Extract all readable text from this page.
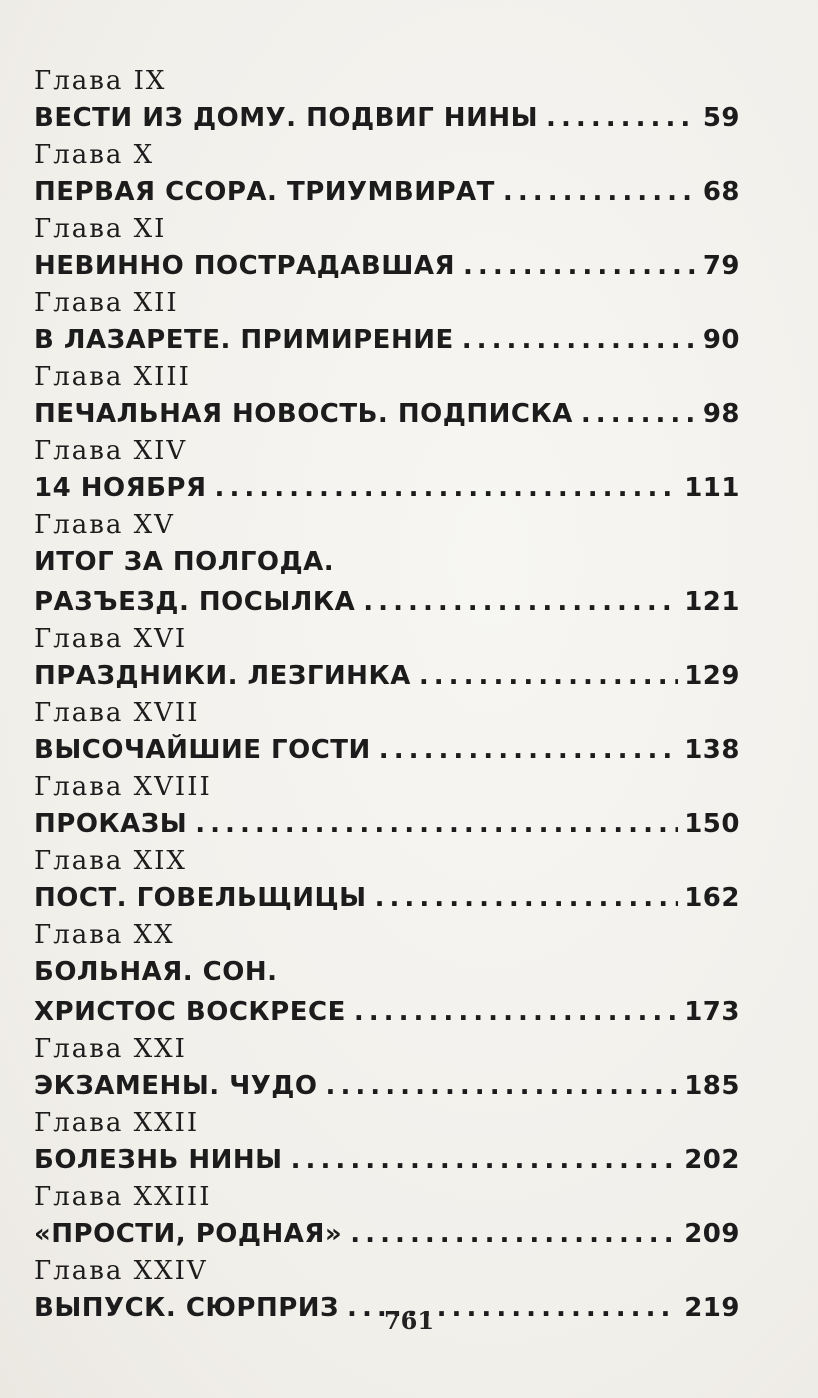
Глава IX
ВЕСТИ ИЗ ДОМУ. ПОДВИГ НИНЫ . . .	59
Глава X
ПЕРВАЯ ССОРА. ТРИУМВИРАТ . . .	68
Глава XI
НЕВИННО ПОСТРАДАВШАЯ . . .	79
Глава XII
В ЛАЗАРЕТЕ. ПРИМИРЕНИЕ . . .	90
Глава XIII
ПЕЧАЛЬНАЯ НОВОСТЬ. ПОДПИСКА . . .	98
Глава XIV
14 НОЯБРЯ . . .	111
Глава XV
ИТОГ ЗА ПОЛГОДА.
РАЗЪЕЗД. ПОСЫЛКА . . .	121
Глава XVI
ПРАЗДНИКИ. ЛЕЗГИНКА . . .	129
Глава XVII
ВЫСОЧАЙШИЕ ГОСТИ . . .	138
Глава XVIII
ПРОКАЗЫ . . .	150
Глава XIX
ПОСТ. ГОВЕЛЬЩИЦЫ . . .	162
Глава XX
БОЛЬНАЯ. СОН.
ХРИСТОС ВОСКРЕСЕ . . .	173
Глава XXI
ЭКЗАМЕНЫ. ЧУДО . . .	185
Глава XXII
БОЛЕЗНЬ НИНЫ . . .	202
Глава XXIII
«ПРОСТИ, РОДНАЯ» . . .	209
Глава XXIV
ВЫПУСК. СЮРПРИЗ . . .	219
761
